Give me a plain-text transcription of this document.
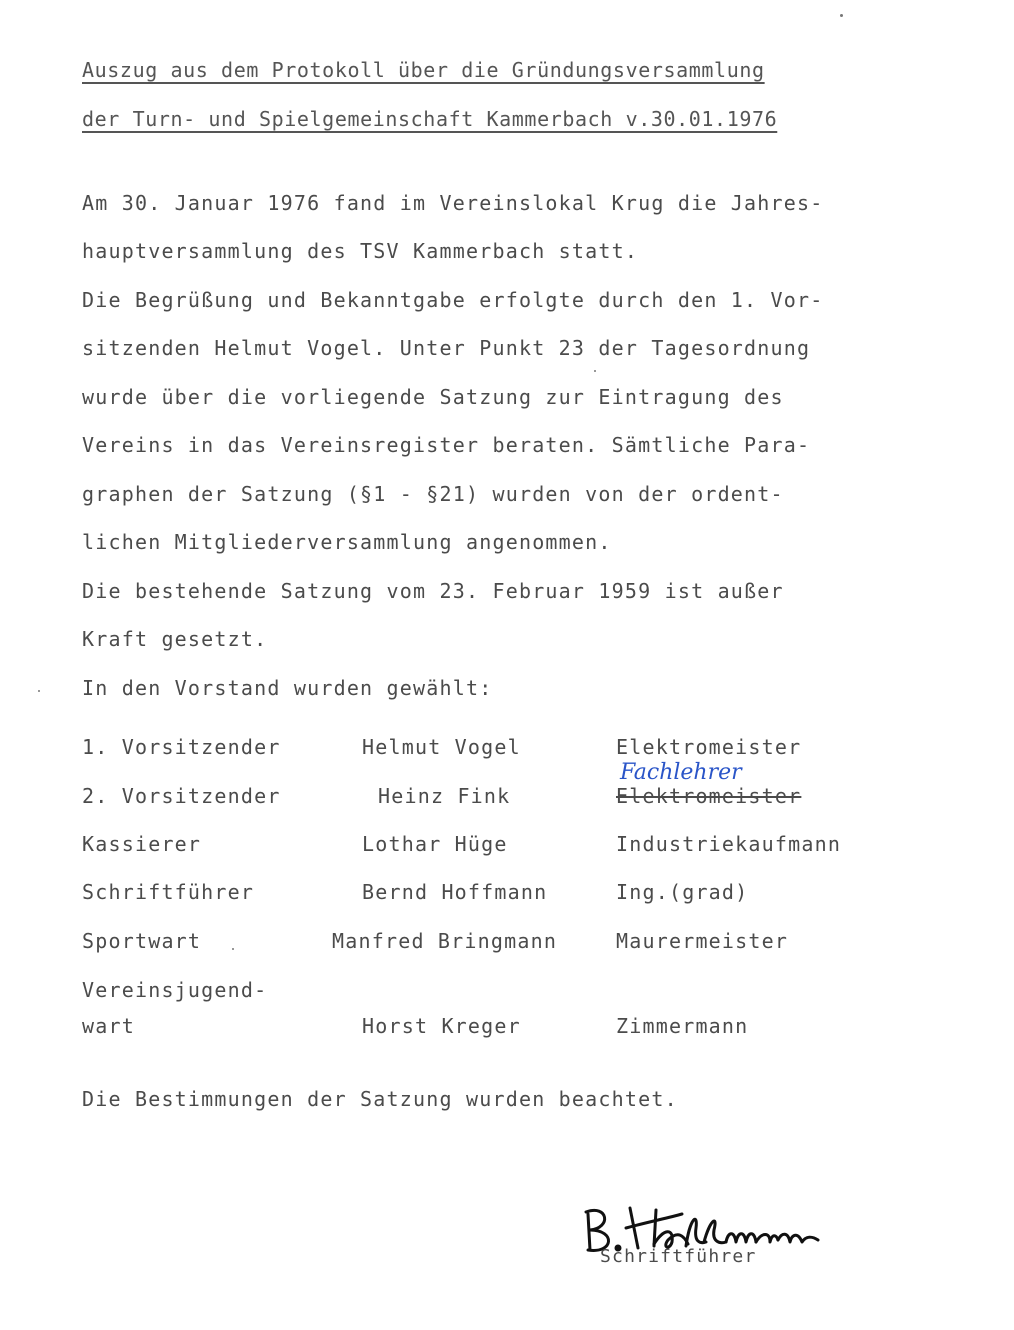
Auszug aus dem Protokoll über die Gründungsversammlung
der Turn- und Spielgemeinschaft Kammerbach v.30.01.1976
Am 30. Januar 1976 fand im Vereinslokal Krug die Jahres-
hauptversammlung des TSV Kammerbach statt.
Die Begrüßung und Bekanntgabe erfolgte durch den 1. Vor-
sitzenden Helmut Vogel. Unter Punkt 23 der Tagesordnung
wurde über die vorliegende Satzung zur Eintragung des
Vereins in das Vereinsregister beraten. Sämtliche Para-
graphen der Satzung (§1 - §21) wurden von der ordent-
lichen Mitgliederversammlung angenommen.
Die bestehende Satzung vom 23. Februar 1959 ist außer
Kraft gesetzt.
In den Vorstand wurden gewählt:
1. Vorsitzender	Helmut Vogel	Elektromeister
2. Vorsitzender	Heinz Fink	Elektromeister
Fachlehrer
Kassierer	Lothar Hüge	Industriekaufmann
Schriftführer	Bernd Hoffmann	Ing.(grad)
Sportwart	Manfred Bringmann	Maurermeister
Vereinsjugend-
wart	Horst Kreger	Zimmermann
Die Bestimmungen der Satzung wurden beachtet.
Schriftführer
